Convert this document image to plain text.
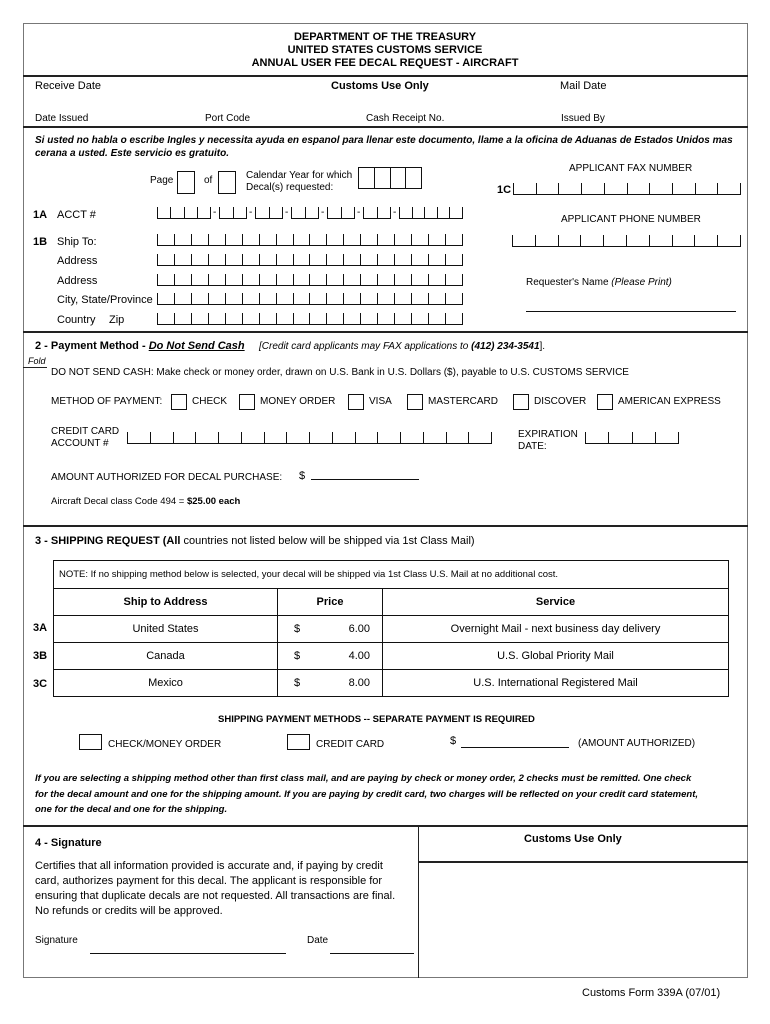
DEPARTMENT OF THE TREASURY
UNITED STATES CUSTOMS SERVICE
ANNUAL USER FEE DECAL REQUEST - AIRCRAFT
Receive Date	Customs Use Only	Mail Date
Date Issued	Port Code	Cash Receipt No.	Issued By
Si usted no habla o escribe Ingles y necessita ayuda en espanol para llenar este documento, llame a la oficina de Aduanas de Estados Unidos mas
cerana a usted. Este servicio es gratuito.
Page	of	Calendar Year for which
Decal(s) requested:
APPLICANT FAX NUMBER
1C
1A ACCT #	-	-	-	-	-	-
APPLICANT PHONE NUMBER
1B Ship To:
Address
Address
City, State/Province
Country Zip
Requester's Name (Please Print)
2 - Payment Method - Do Not Send Cash [Credit card applicants may FAX applications to (412) 234-3541].
Fold
DO NOT SEND CASH: Make check or money order, drawn on U.S. Bank in U.S. Dollars ($), payable to U.S. CUSTOMS SERVICE
METHOD OF PAYMENT:	CHECK	MONEY ORDER	VISA	MASTERCARD	DISCOVER	AMERICAN EXPRESS
CREDIT CARD
ACCOUNT #
EXPIRATION
DATE:
AMOUNT AUTHORIZED FOR DECAL PURCHASE: $
Aircraft Decal class Code 494 = $25.00 each
3 - SHIPPING REQUEST (All countries not listed below will be shipped via 1st Class Mail)
NOTE: If no shipping method below is selected, your decal will be shipped via 1st Class U.S. Mail at no additional cost.
Ship to Address	Price	Service
United States	$ 6.00	Overnight Mail - next business day delivery
Canada	$ 4.00	U.S. Global Priority Mail
Mexico	$ 8.00	U.S. International Registered Mail
3A
3B
3C
SHIPPING PAYMENT METHODS -- SEPARATE PAYMENT IS REQUIRED
CHECK/MONEY ORDER	CREDIT CARD	$	(AMOUNT AUTHORIZED)
If you are selecting a shipping method other than first class mail, and are paying by check or money order, 2 checks must be remitted. One check
for the decal amount and one for the shipping amount. If you are paying by credit card, two charges will be reflected on your credit card statement,
one for the decal and one for the shipping.
4 - Signature
Certifies that all information provided is accurate and, if paying by credit
card, authorizes payment for this decal. The applicant is responsible for
ensuring that duplicate decals are not requested. All transactions are final.
No refunds or credits will be approved.
Signature	Date
Customs Use Only
Customs Form 339A (07/01)
